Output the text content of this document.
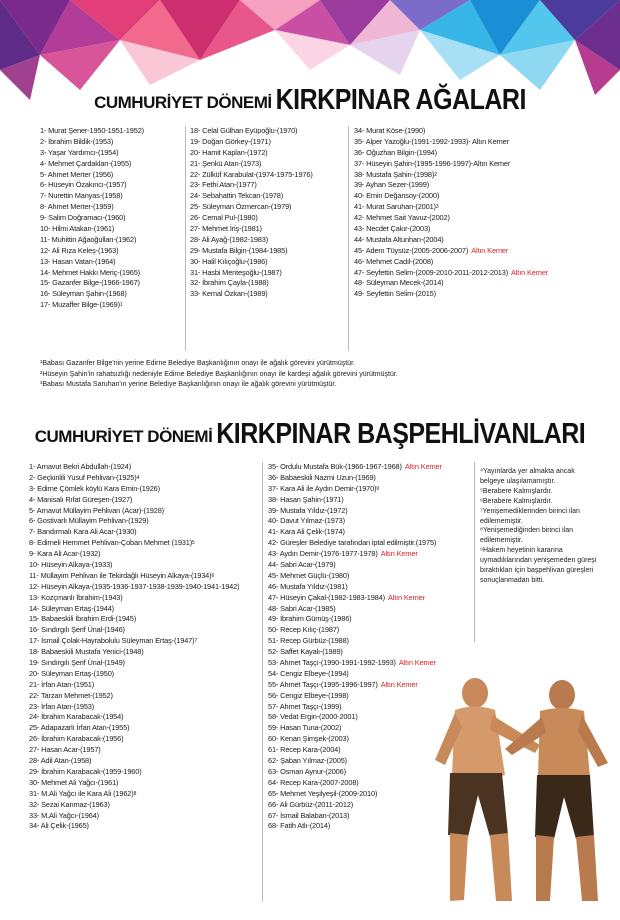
CUMHURİYET DÖNEMİ KIRKPINAR AĞALARI
1- Murat Şener-1950-1951-1952)
2- İbrahim Bildik-(1953)
3- Yaşar Yardımcı-(1954)
4- Mehmet Çardakları-(1955)
5- Ahmet Merter (1956)
6- Hüseyin Özakıncı-(1957)
7- Nurettin Manyas-(1958)
8- Ahmet Merter-(1959)
9- Salim Doğramacı-(1960)
10- Hilmi Atakan-(1961)
11- Muhittin Ağaoğulları-(1962)
12- Ali Rıza Keleş-(1963)
13- Hasan Vatan-(1964)
14- Mehmet Hakkı Meriç-(1965)
15- Gazanfer Bilge-(1966-1967)
16- Süleyman Şahin-(1968)
17- Muzaffer Bilge-$(1969)^1$
18- Celal Gülhan Eyüpoğlu-(1970)
19- Doğan Görkey-(1971)
20- Hamit Kaplan-(1972)
21- Şenkü Atan-(1973)
22- Zülküf Karabulat-(1974-1975-1976)
23- Fethi Atan-(1977)
24- Sebahattin Tekcan-(1978)
25- Süleyman Özmercan-(1979)
26- Cemal Pul-(1980)
27- Mehmet İriş-(1981)
28- Ali Ayağ-(1982-1983)
29- Mustafa Bilgin-(1984-1985)
30- Halil Kılıçoğlu-(1986)
31- Hasbi Menteşoğlu-(1987)
32- İbrahim Çayla-(1988)
33- Kemal Özkan-(1989)
34- Murat Köse-(1990)
35- Alper Yazoğlu-(1991-1992-1993)- Altın Kemer
36- Oğuzhan Bilgin-(1994)
37- Hüseyin Şahin-(1995-1996-1997)-Altın Kemer
38- Mustafa Şahin-$(1998)^2$
39- Ayhan Sezer-(1999)
40- Emin Değansoy-(2000)
41- Murat Saruhan-$(2001)^3$
42- Mehmet Sait Yavuz-(2002)
43- Necdet Çakır-(2003)
44- Mustafa Altunhan-(2004)
45- Adem Tüysüz-(2005-2006-2007) Altın Kemer
46- Mehmet Cadıl-(2008)
47- Seyfettin Selim-(2009-2010-2011-2012-2013) Altın Kemer
48- Süleyman Mecek-(2014)
49- Seyfettin Selim-(2015)
¹Babası Gazanfer Bilge'nin yerine Edirne Belediye Başkanlığının onayı ile ağalık görevini yürütmüştür.
²Hüseyin Şahin'in rahatsızlığı nedeniyle Edirne Belediye Başkanlığının onayı ile kardeşi ağalık görevini yürütmüştür.
³Babası Mustafa Saruhan'ın yerine Belediye Başkanlığının onayı ile ağalık görevini yürütmüştür.
CUMHURİYET DÖNEMİ KIRKPINAR BAŞPEHLİVANLARI
1- Arnavut Bekri Abdullah-(1924)
2- Geçkinlili Yusuf Pehlivan-$(1925)^4$
3- Edirne Çömlek köylü Kara Emin-(1926)
4- Manisalı Rıfat Güreşen-(1927)
5- Arnavut Müllayim Pehlivan (Acar)-(1928)
6- Gostivarlı Müllayim Pehlivan-(1929)
7- Bandırmalı Kara Ali Acar-(1930)
8- Edirneli Hemmet Pehlivan-Çoban Mehmet $(1931)^5$
9- Kara Ali Acar-(1932)
10- Hüseyin Alkaya-(1933)
11- Müllayim Pehlivan ile Tekirdağlı Hüseyin Alkaya-$(1934)^6$
12- Hüseyin Alkaya-(1935-1936-1937-1938-1939-1940-1941-1942)
13- Kozçmanlı İbrahim-(1943)
14- Süleyman Ertaş-(1944)
15- Babaeskili İbrahim Erdi-(1945)
16- Sındırgılı Şerif Ünal-(1946)
17- İsmail Çolak-Hayrabolulu Süleyman Ertaş-$(1947)^7$
18- Babaeskili Mustafa Yenici-(1948)
19- Sındırgılı Şerif Ünal-(1949)
20- Süleyman Ertaş-(1950)
21- İrfan Atan-(1951)
22- Tarzan Mehmet-(1952)
23- İrfan Atan-(1953)
24- İbrahim Karabacak-(1954)
25- Adapazarlı İrfan Atan-(1955)
26- İbrahim Karabacak-(1956)
27- Hasan Acar-(1957)
28- Adil Atan-(1958)
29- İbrahim Karabacak-(1959-1960)
30- Mehmet Ali Yağcı-(1961)
31- M.Ali Yağcı ile Kara Ali $(1962)^8$
32- Sezai Kanmaz-(1963)
33- M.Ali Yağcı-(1964)
34- Ali Çelik-(1965)
35- Ordulu Mustafa Bük-(1966-1967-1968) Altın Kemer
36- Babaeskili Nazmi Uzun-(1969)
37- Kara Ali ile Aydın Demir-$(1970)^9$
38- Hasan Şahin-(1971)
39- Mustafa Yıldız-(1972)
40- Davut Yılmaz-(1973)
41- Kara Ali Çelik-(1974)
42- Güreşler Belediye tarafından iptal edilmiştir.(1975)
43- Aydın Demir-(1976-1977-1978) Altın Kemer
44- Sabri Acar-(1979)
45- Mehmet Güçlü-(1980)
46- Mustafa Yıldız-(1981)
47- Hüseyin Çakal-(1982-1983-1984) Altın Kemer
48- Sabri Acar-(1985)
49- İbrahim Gümüş-(1986)
50- Recep Kılıç-(1987)
51- Recep Gürbüz-(1988)
52- Saffet Kayalı-(1989)
53- Ahmet Taşçı-(1990-1991-1992-1993) Altın Kemer
54- Cengiz Elbeye-(1994)
55- Ahmet Taşçı-(1995-1996-1997) Altın Kemer
56- Cengiz Elbeye-(1998)
57- Ahmet Taşçı-(1999)
58- Vedat Ergin-(2000-2001)
59- Hasan Tuna-(2002)
60- Kenan Şimşek-(2003)
61- Recep Kara-(2004)
62- Şaban Yılmaz-(2005)
63- Osman Aynur-(2006)
64- Recep Kara-(2007-2008)
65- Mehmet Yeşilyeşil-(2009-2010)
66- Ali Gürbüz-(2011-2012)
67- İsmail Balaban-(2013)
68- Fatih Atlı-(2014)
⁴Yayınlarda yer almakta ancak belgeye ulaşılamamıştır.
⁵Berabere Kalmışlardır.
⁶Berabere Kalmışlardır.
⁷Yenişemediklerinden birinci ilan edilememiştir.
⁸Yenişemediğinden birinci ilan edilememiştir.
⁹Hakem heyetinin kararına uymadıklarından yenişemeden güreşi bıraktıkları için başpehlivan güreşleri sonuçlanmadan bitti.
